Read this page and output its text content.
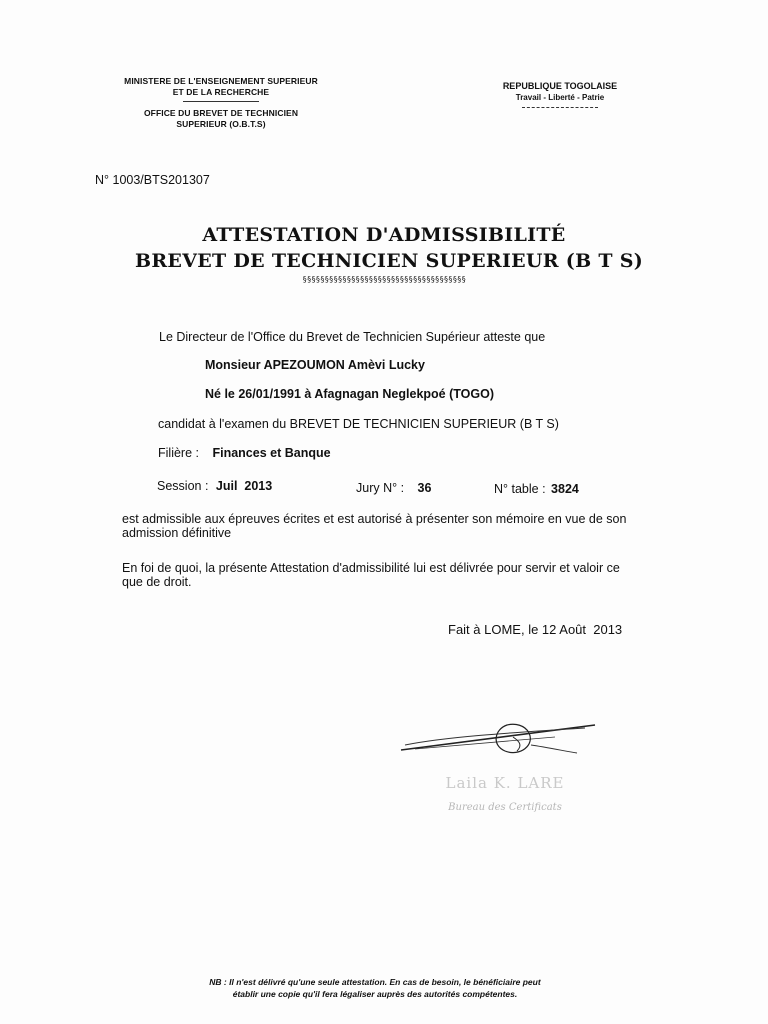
MINISTERE DE L'ENSEIGNEMENT SUPERIEUR
ET DE LA RECHERCHE
OFFICE DU BREVET DE TECHNICIEN
SUPERIEUR (O.B.T.S)
REPUBLIQUE TOGOLAISE
Travail - Liberté - Patrie
N° 1003/BTS201307
ATTESTATION D'ADMISSIBILITÉ
BREVET DE TECHNICIEN SUPERIEUR (B T S)
§§§§§§§§§§§§§§§§§§§§§§§§§§§§§§§§§§§§§
Le Directeur de l'Office du Brevet de Technicien Supérieur atteste que
Monsieur APEZOUMON Amèvi Lucky
Né le 26/01/1991 à Afagnagan Neglekpoé (TOGO)
candidat à l'examen du BREVET DE TECHNICIEN SUPERIEUR (B T S)
Filière : Finances et Banque
Session : Juil  2013	Jury N° : 36	N° table : 3824
est admissible aux épreuves écrites et est autorisé à présenter son mémoire en vue de son admission définitive
En foi de quoi, la présente Attestation d'admissibilité lui est délivrée pour servir et valoir ce que de droit.
Fait à LOME, le 12 Août  2013
Laila K. LARE
Bureau des Certificats
NB : Il n'est délivré qu'une seule attestation. En cas de besoin, le bénéficiaire peut
établir une copie qu'il fera légaliser auprès des autorités compétentes.
